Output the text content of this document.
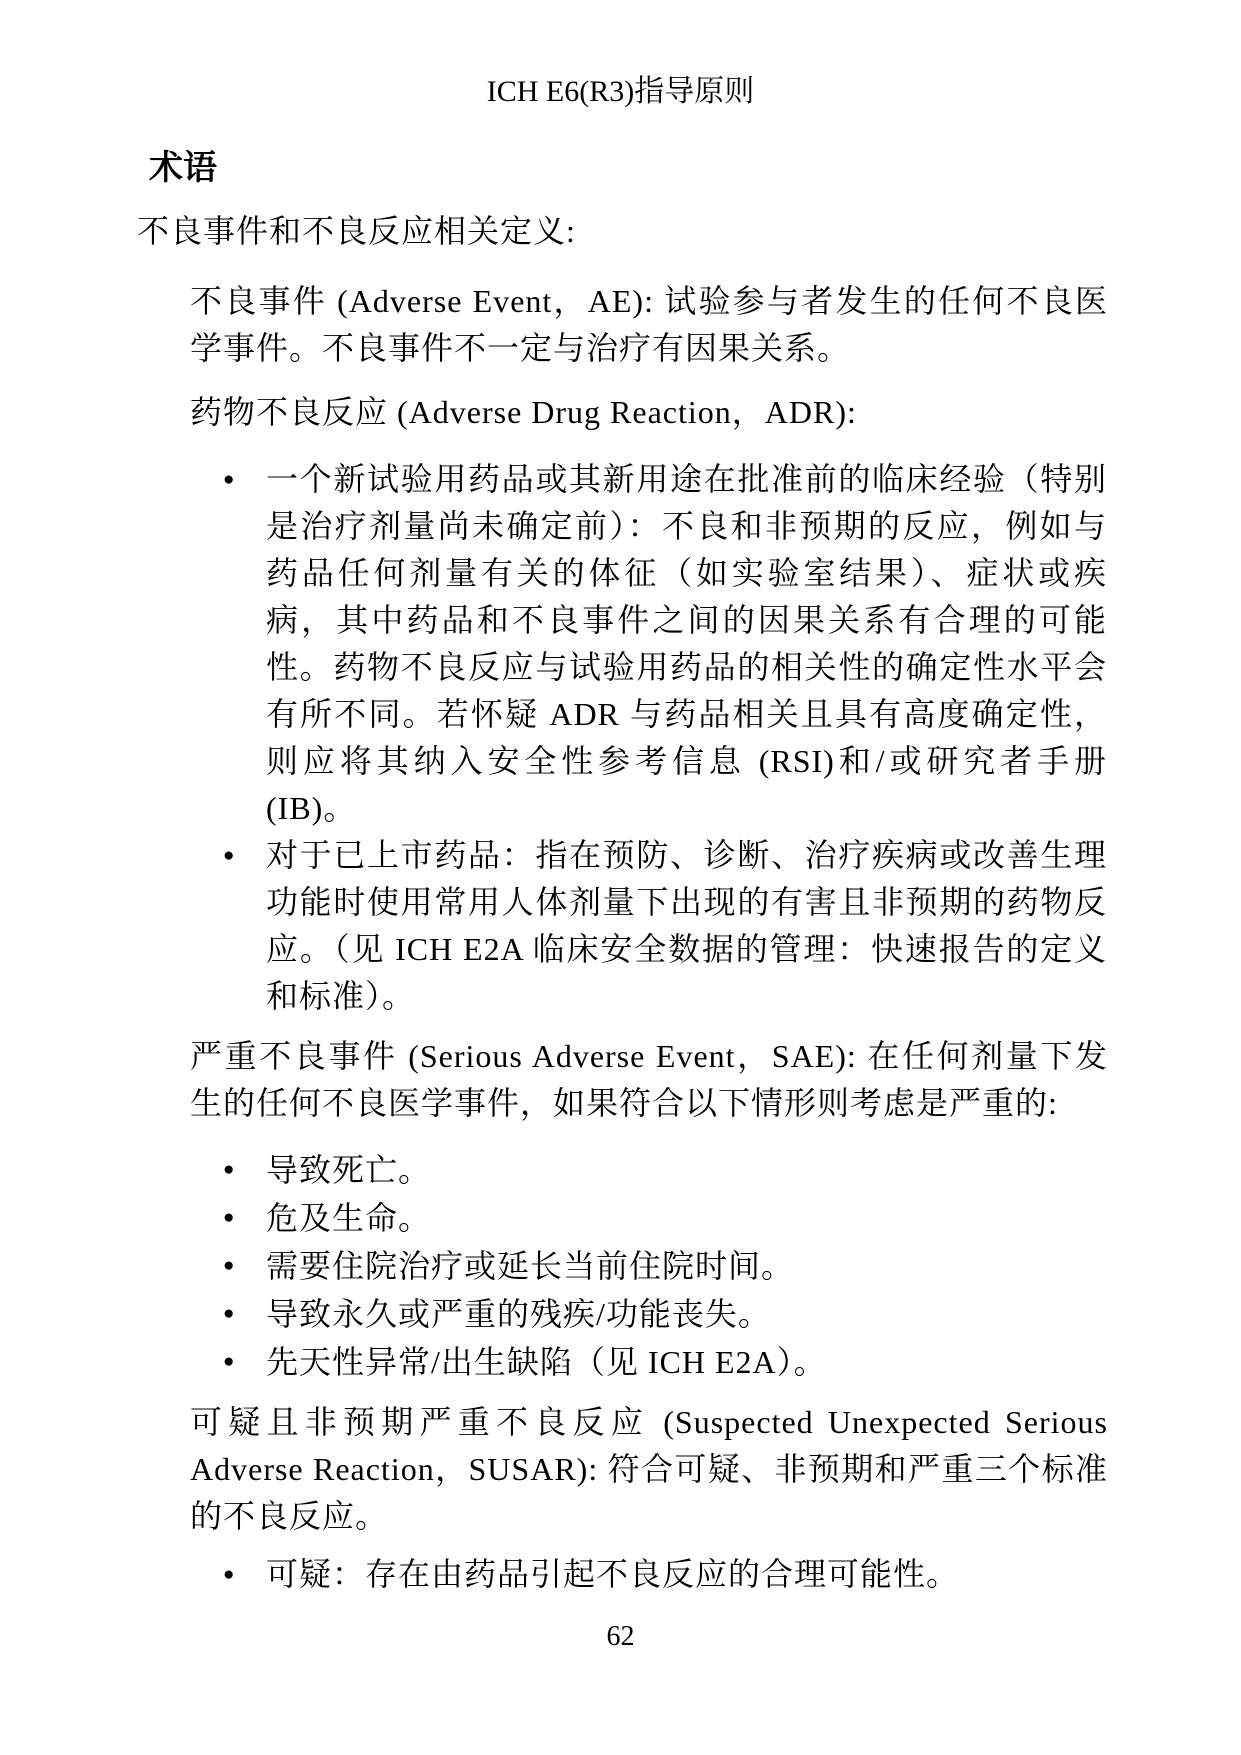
ICH E6(R3)指导原则
术语
不良事件和不良反应相关定义:
不良事件 (Adverse Event，AE): 试验参与者发生的任何不良医学事件。不良事件不一定与治疗有因果关系。
药物不良反应 (Adverse Drug Reaction，ADR):
● 一个新试验用药品或其新用途在批准前的临床经验（特别是治疗剂量尚未确定前）：不良和非预期的反应，例如与药品任何剂量有关的体征（如实验室结果）、症状或疾病，其中药品和不良事件之间的因果关系有合理的可能性。药物不良反应与试验用药品的相关性的确定性水平会有所不同。若怀疑 ADR 与药品相关且具有高度确定性，则应将其纳入安全性参考信息 (RSI)和/或研究者手册(IB)。
● 对于已上市药品：指在预防、诊断、治疗疾病或改善生理功能时使用常用人体剂量下出现的有害且非预期的药物反应。（见 ICH E2A 临床安全数据的管理：快速报告的定义和标准）。
严重不良事件 (Serious Adverse Event，SAE): 在任何剂量下发生的任何不良医学事件，如果符合以下情形则考虑是严重的:
● 导致死亡。
● 危及生命。
● 需要住院治疗或延长当前住院时间。
● 导致永久或严重的残疾/功能丧失。
● 先天性异常/出生缺陷（见 ICH E2A）。
可疑且非预期严重不良反应 (Suspected Unexpected Serious Adverse Reaction，SUSAR): 符合可疑、非预期和严重三个标准的不良反应。
● 可疑：存在由药品引起不良反应的合理可能性。
62
